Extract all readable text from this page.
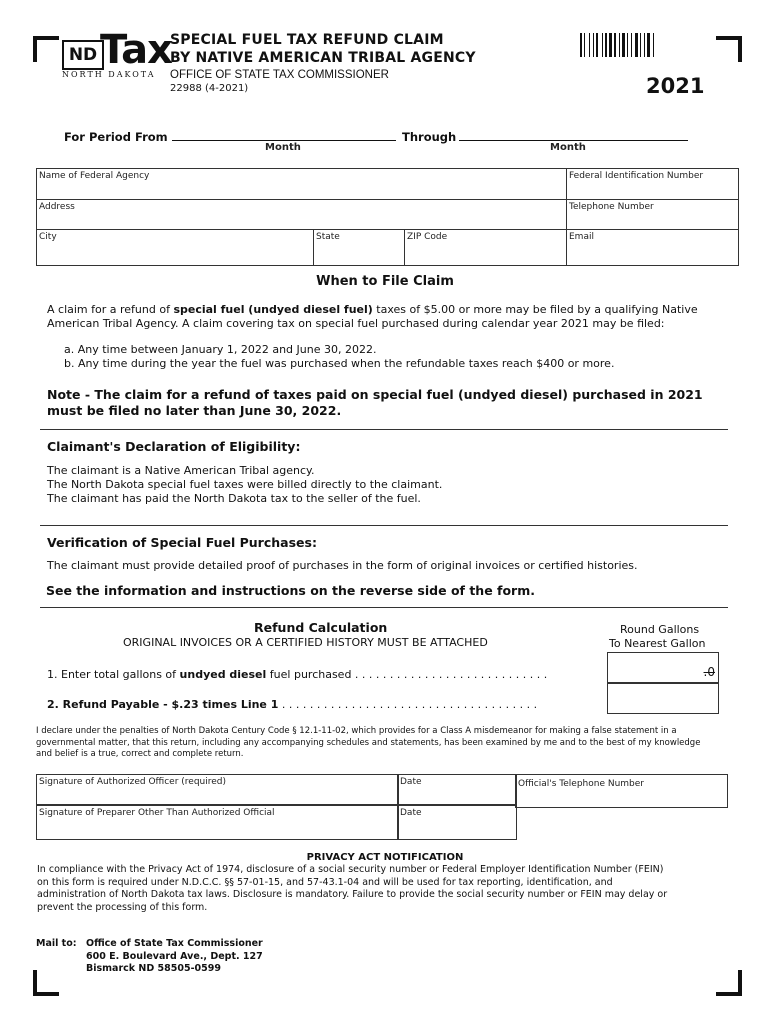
ND Tax
NORTH DAKOTA
SPECIAL FUEL TAX REFUND CLAIM
BY NATIVE AMERICAN TRIBAL AGENCY
OFFICE OF STATE TAX COMMISSIONER
22988 (4-2021)	2021
For Period From
Month
Through
Month
Name of Federal Agency			Federal Identification Number
Address			Telephone Number
City	State	ZIP Code	Email
When to File Claim
A claim for a refund of special fuel (undyed diesel fuel) taxes of $5.00 or more may be filed by a qualifying Native
American Tribal Agency. A claim covering tax on special fuel purchased during calendar year 2021 may be filed:
a. Any time between January 1, 2022 and June 30, 2022.
b. Any time during the year the fuel was purchased when the refundable taxes reach $400 or more.
Note - The claim for a refund of taxes paid on special fuel (undyed diesel) purchased in 2021
must be filed no later than June 30, 2022.
Claimant's Declaration of Eligibility:
The claimant is a Native American Tribal agency.
The North Dakota special fuel taxes were billed directly to the claimant.
The claimant has paid the North Dakota tax to the seller of the fuel.
Verification of Special Fuel Purchases:
The claimant must provide detailed proof of purchases in the form of original invoices or certified histories.
See the information and instructions on the reverse side of the form.
Refund Calculation
ORIGINAL INVOICES OR A CERTIFIED HISTORY MUST BE ATTACHED
Round Gallons
To Nearest Gallon
1. Enter total gallons of undyed diesel fuel purchased . . . . . . . . . . . . . . . . . . . . . . . . . . . .	.0
2. Refund Payable - $.23 times Line 1 . . . . . . . . . . . . . . . . . . . . . . . . . . . . . . . . . . . . .
I declare under the penalties of North Dakota Century Code § 12.1-11-02, which provides for a Class A misdemeanor for making a false statement in a
governmental matter, that this return, including any accompanying schedules and statements, has been examined by me and to the best of my knowledge
and belief is a true, correct and complete return.
Signature of Authorized Officer (required)	Date	Official's Telephone Number
Signature of Preparer Other Than Authorized Official	Date
PRIVACY ACT NOTIFICATION
In compliance with the Privacy Act of 1974, disclosure of a social security number or Federal Employer Identification Number (FEIN)
on this form is required under N.D.C.C. §§ 57-01-15, and 57-43.1-04 and will be used for tax reporting, identification, and
administration of North Dakota tax laws. Disclosure is mandatory. Failure to provide the social security number or FEIN may delay or
prevent the processing of this form.
Mail to: Office of State Tax Commissioner
600 E. Boulevard Ave., Dept. 127
Bismarck ND 58505-0599
